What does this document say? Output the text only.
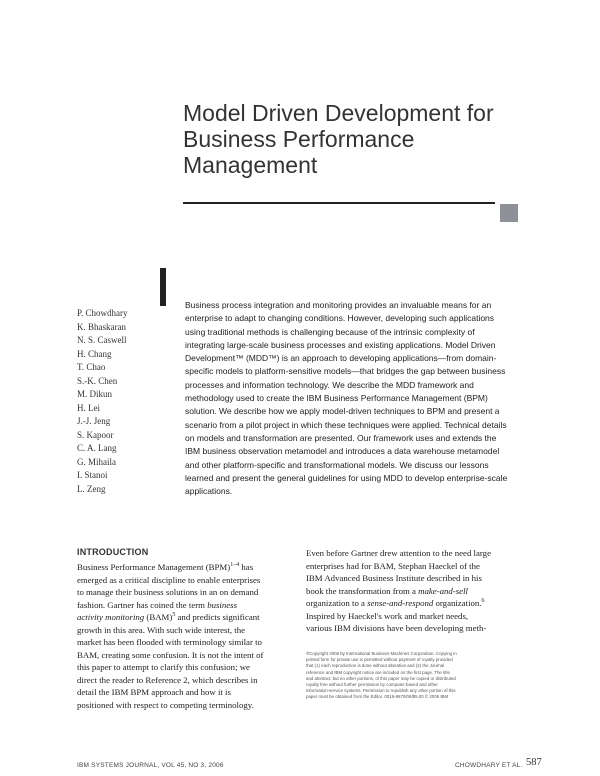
Model Driven Development for
Business Performance
Management
P. Chowdhary
K. Bhaskaran
N. S. Caswell
H. Chang
T. Chao
S.-K. Chen
M. Dikun
H. Lei
J.-J. Jeng
S. Kapoor
C. A. Lang
G. Mihaila
I. Stanoi
L. Zeng
Business process integration and monitoring provides an invaluable means for an
enterprise to adapt to changing conditions. However, developing such applications
using traditional methods is challenging because of the intrinsic complexity of
integrating large-scale business processes and existing applications. Model Driven
Development™ (MDD™) is an approach to developing applications—from domain-
specific models to platform-sensitive models—that bridges the gap between business
processes and information technology. We describe the MDD framework and
methodology used to create the IBM Business Performance Management (BPM)
solution. We describe how we apply model-driven techniques to BPM and present a
scenario from a pilot project in which these techniques were applied. Technical details
on models and transformation are presented. Our framework uses and extends the
IBM business observation metamodel and introduces a data warehouse metamodel
and other platform-specific and transformational models. We discuss our lessons
learned and present the general guidelines for using MDD to develop enterprise-scale
applications.
INTRODUCTION
Business Performance Management (BPM)$^{1-4}$ has
emerged as a critical discipline to enable enterprises
to manage their business solutions in an on demand
fashion. Gartner has coined the term business
activity monitoring (BAM)$^5$ and predicts significant
growth in this area. With such wide interest, the
market has been flooded with terminology similar to
BAM, creating some confusion. It is not the intent of
this paper to attempt to clarify this confusion; we
direct the reader to Reference 2, which describes in
detail the IBM BPM approach and how it is
positioned with respect to competing terminology.
Even before Gartner drew attention to the need large
enterprises had for BAM, Stephan Haeckel of the
IBM Advanced Business Institute described in his
book the transformation from a make-and-sell
organization to a sense-and-respond organization.$^6$
Inspired by Haeckel's work and market needs,
various IBM divisions have been developing meth-
®Copyright 2006 by International Business Machines Corporation. Copying in
printed form for private use is permitted without payment of royalty provided
that (1) each reproduction is done without alteration and (2) the Journal
reference and IBM copyright notice are included on the first page. The title
and abstract, but no other portions, of this paper may be copied or distributed
royalty free without further permission by computer-based and other
information-service systems. Permission to republish any other portion of this
paper must be obtained from the Editor. 0018-8670/06/$5.00 © 2006 IBM
IBM SYSTEMS JOURNAL, VOL 45, NO 3, 2006	CHOWDHARY ET AL. 587
